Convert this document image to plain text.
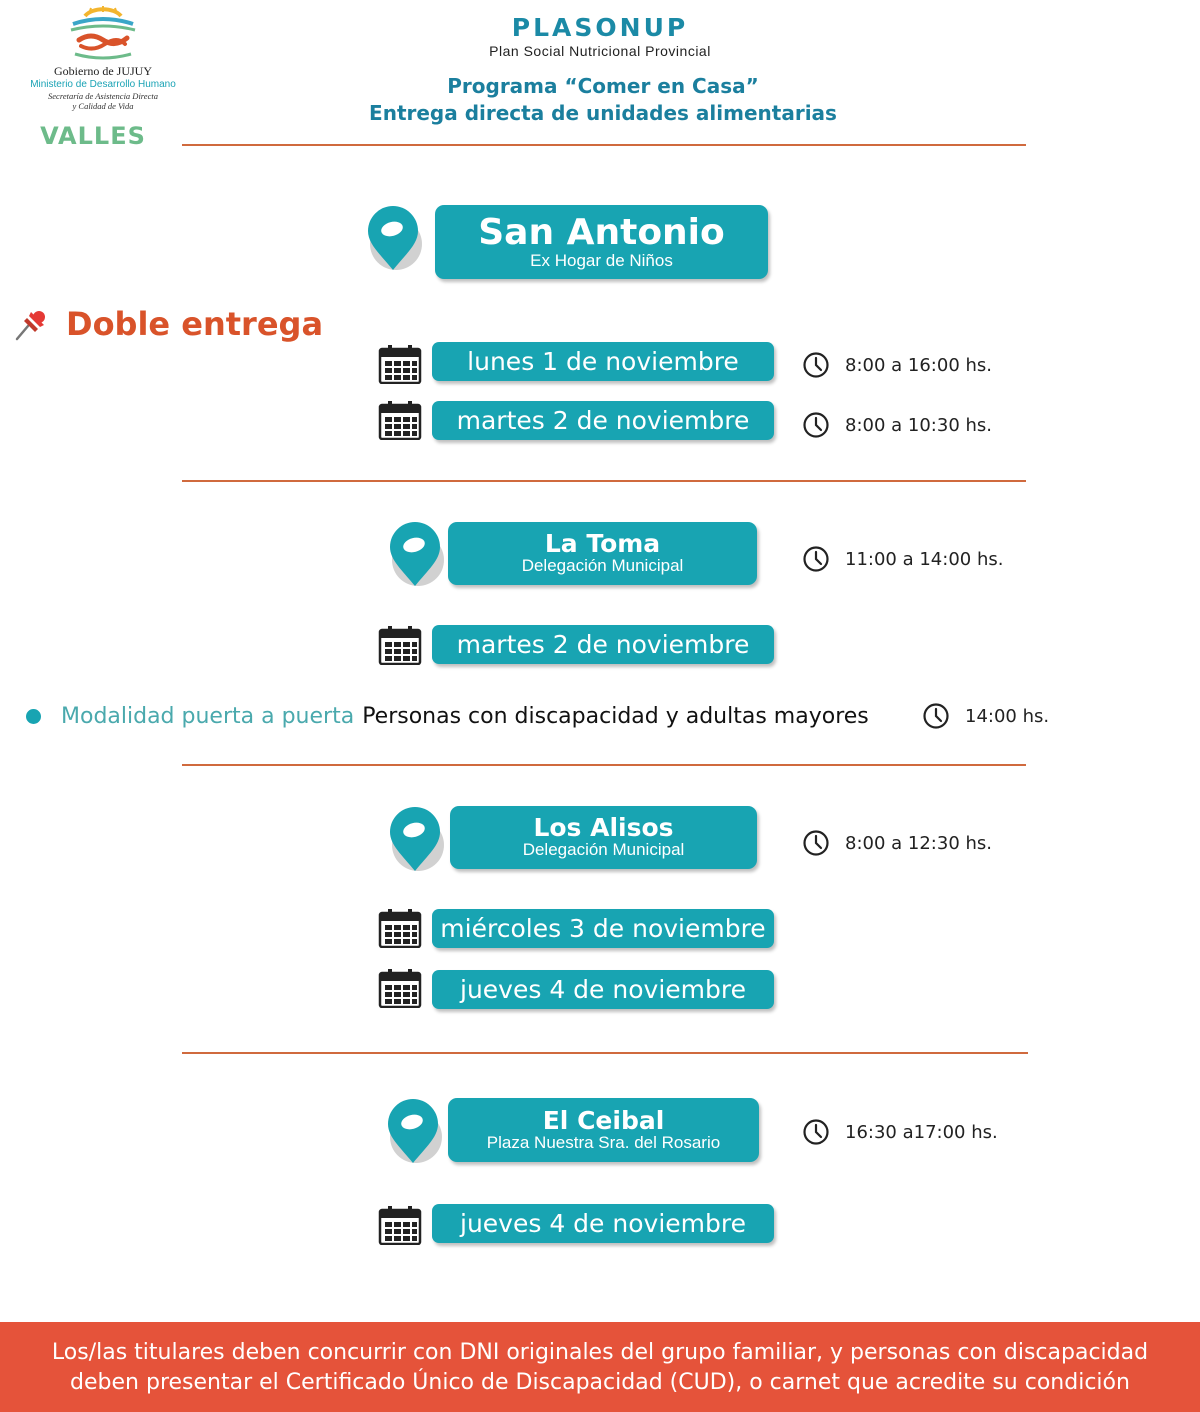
Gobierno de JUJUY
Ministerio de Desarrollo Humano
Secretaría de Asistencia Directa
y Calidad de Vida
VALLES
PLASONUP
Plan Social Nutricional Provincial
Programa “Comer en Casa”
Entrega directa de unidades alimentarias
San Antonio
Ex Hogar de Niños
Doble entrega
lunes 1 de noviembre	8:00 a 16:00 hs.
martes 2 de noviembre	8:00 a 10:30 hs.
La Toma
Delegación Municipal	11:00 a 14:00 hs.
martes 2 de noviembre
Modalidad puerta a puerta Personas con discapacidad y adultas mayores	14:00 hs.
Los Alisos
Delegación Municipal	8:00 a 12:30 hs.
miércoles 3 de noviembre
jueves 4 de noviembre
El Ceibal
Plaza Nuestra Sra. del Rosario	16:30 a17:00 hs.
jueves 4 de noviembre
Los/las titulares deben concurrir con DNI originales del grupo familiar, y personas con discapacidad
deben presentar el Certificado Único de Discapacidad (CUD), o carnet que acredite su condición
